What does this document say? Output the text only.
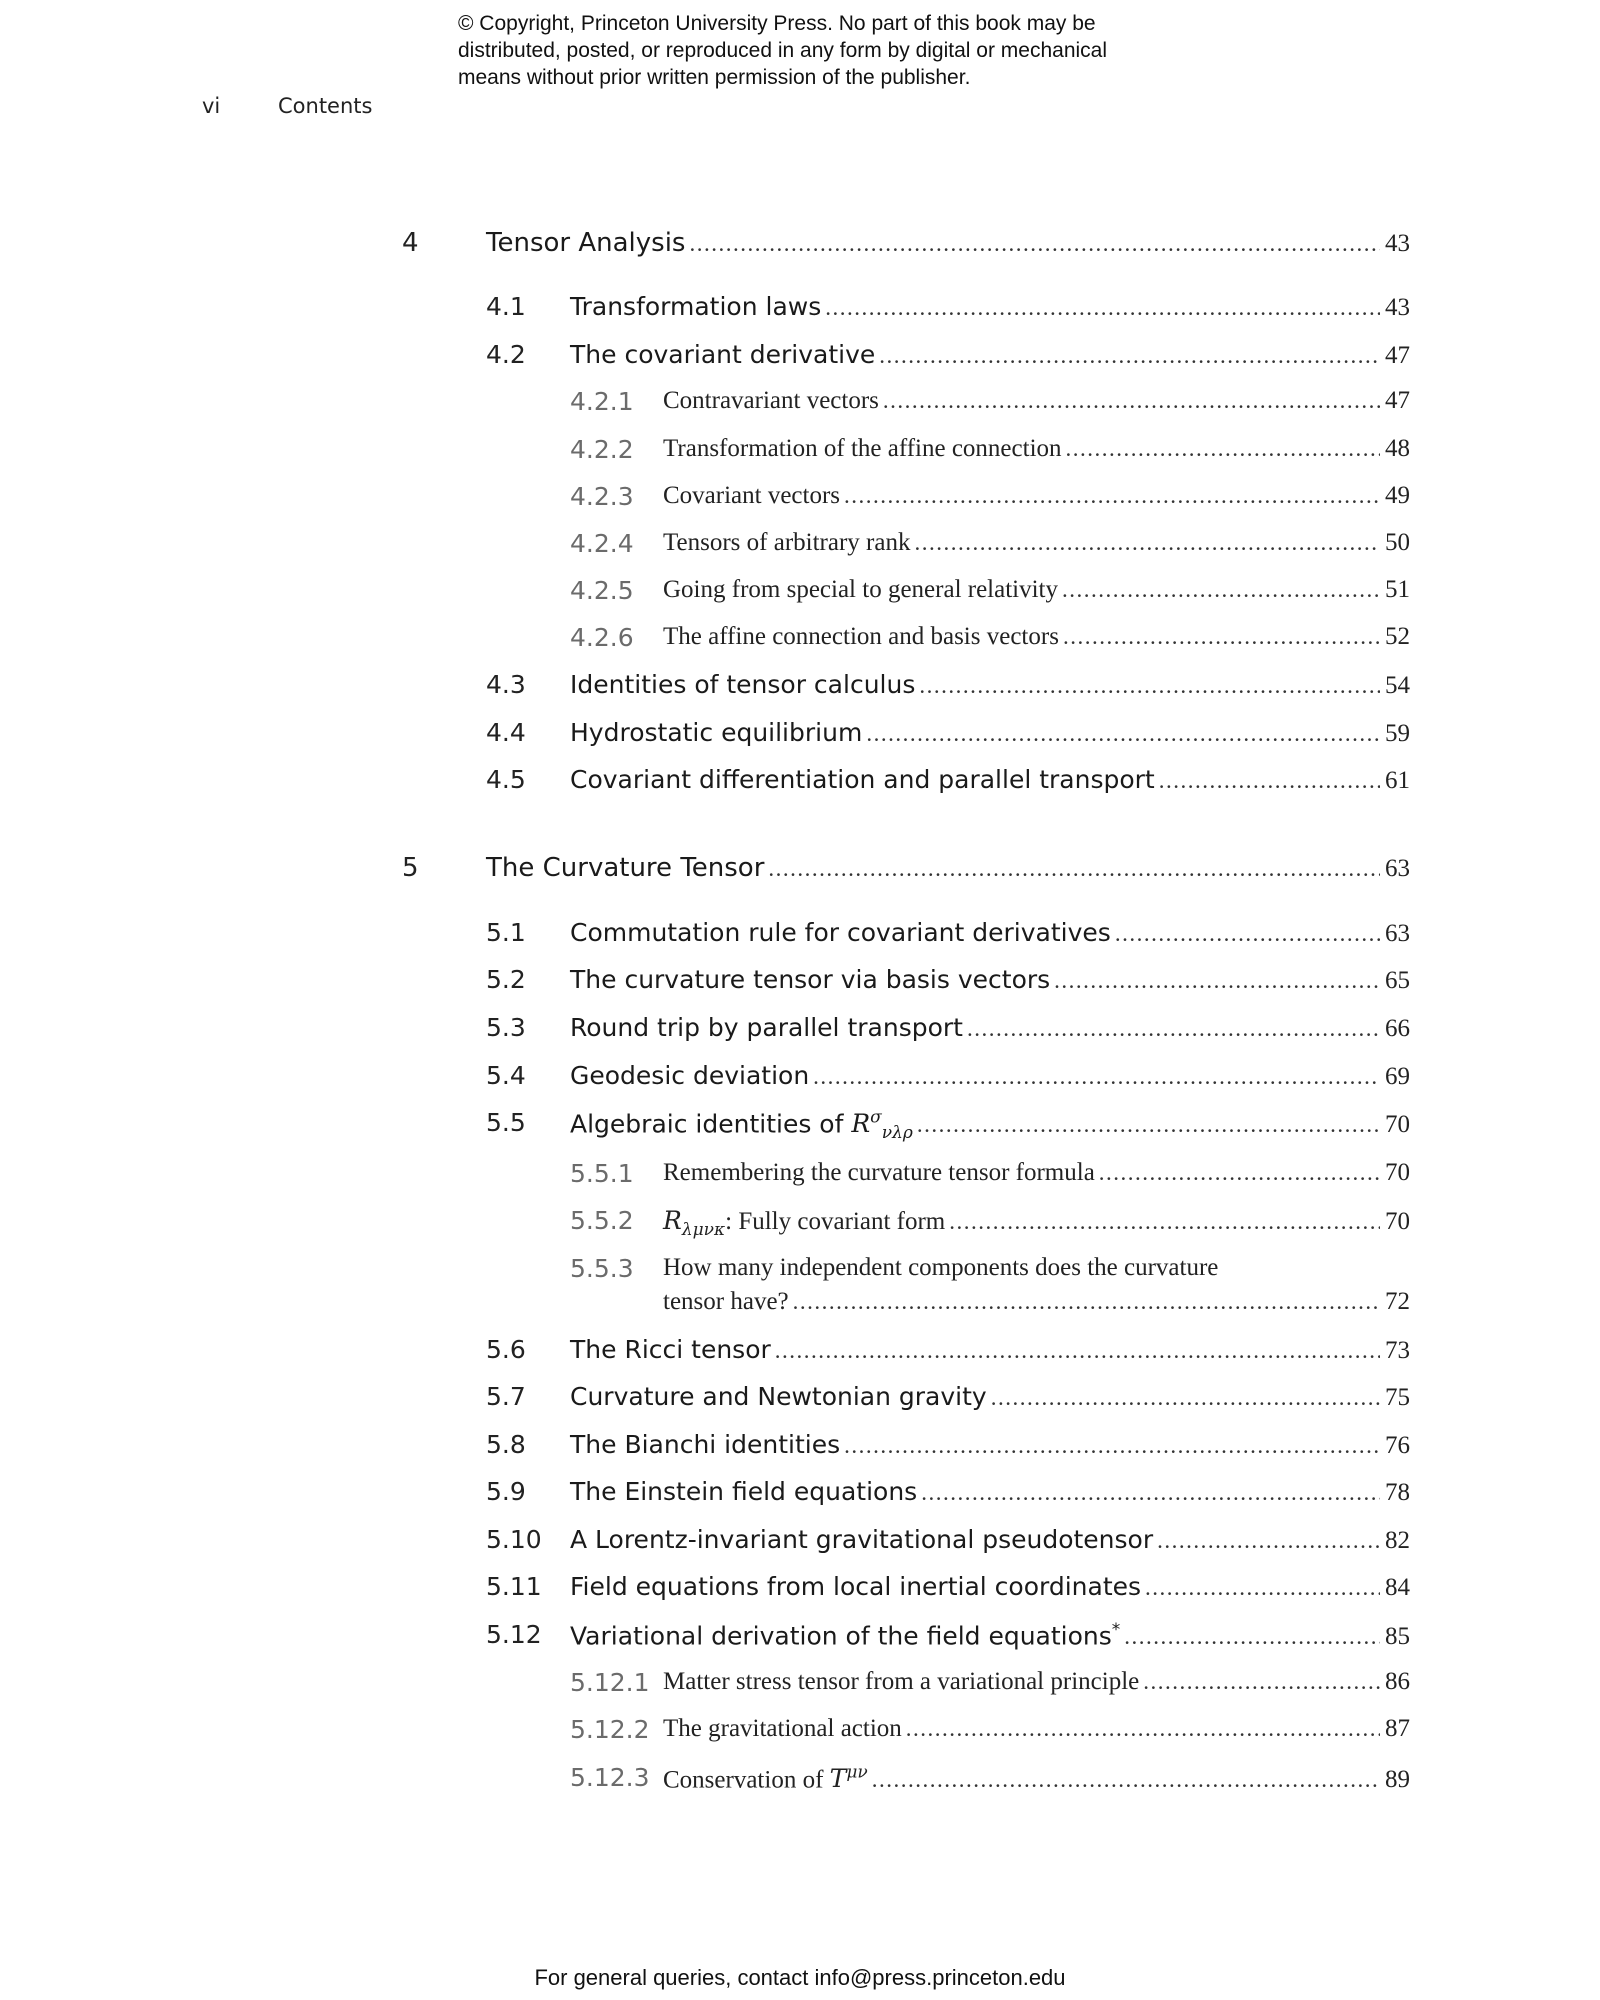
© Copyright, Princeton University Press. No part of this book may be
distributed, posted, or reproduced in any form by digital or mechanical
means without prior written permission of the publisher.
vi	Contents
4	Tensor Analysis .....	43
4.1 Transformation laws .....	43
4.2 The covariant derivative .....	47
4.2.1 Contravariant vectors .....	47
4.2.2 Transformation of the affine connection .....	48
4.2.3 Covariant vectors .....	49
4.2.4 Tensors of arbitrary rank .....	50
4.2.5 Going from special to general relativity .....	51
4.2.6 The affine connection and basis vectors .....	52
4.3 Identities of tensor calculus .....	54
4.4 Hydrostatic equilibrium .....	59
4.5 Covariant differentiation and parallel transport .....	61
5	The Curvature Tensor .....	63
5.1 Commutation rule for covariant derivatives .....	63
5.2 The curvature tensor via basis vectors .....	65
5.3 Round trip by parallel transport .....	66
5.4 Geodesic deviation .....	69
5.5 Algebraic identities of $R^\sigma_{\nu\lambda\rho}$ .....	70
5.5.1 Remembering the curvature tensor formula .....	70
5.5.2 $R_{\lambda\mu\nu\kappa}$: Fully covariant form .....	70
5.5.3 How many independent components does the curvature
tensor have? .....	72
5.6 The Ricci tensor .....	73
5.7 Curvature and Newtonian gravity .....	75
5.8 The Bianchi identities .....	76
5.9 The Einstein field equations .....	78
5.10 A Lorentz-invariant gravitational pseudotensor .....	82
5.11 Field equations from local inertial coordinates .....	84
5.12 Variational derivation of the field equations* .....	85
5.12.1 Matter stress tensor from a variational principle .....	86
5.12.2 The gravitational action .....	87
5.12.3 Conservation of $T^{\mu\nu}$ .....	89
For general queries, contact info@press.princeton.edu
